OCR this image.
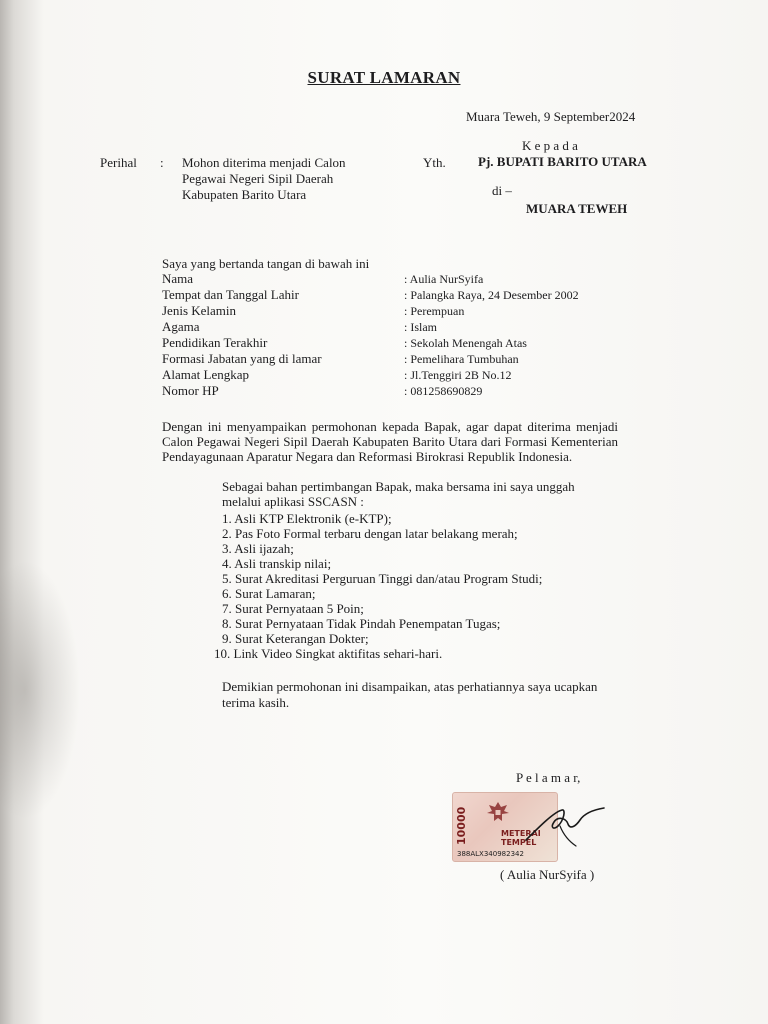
SURAT LAMARAN
Muara Teweh, 9 September2024
K e p a d a
Perihal : Mohon diterima menjadi Calon
Pegawai Negeri Sipil Daerah
Kabupaten Barito Utara
Yth. Pj. BUPATI BARITO UTARA
di –
MUARA TEWEH
Saya yang bertanda tangan di bawah ini
Nama
Tempat dan Tanggal Lahir
Jenis Kelamin
Agama
Pendidikan Terakhir
Formasi Jabatan yang di lamar
Alamat Lengkap
Nomor HP
: Aulia NurSyifa
: Palangka Raya, 24 Desember 2002
: Perempuan
: Islam
: Sekolah Menengah Atas
: Pemelihara Tumbuhan
: Jl.Tenggiri 2B No.12
: 081258690829
Dengan ini menyampaikan permohonan kepada Bapak, agar dapat diterima menjadi Calon Pegawai Negeri Sipil Daerah Kabupaten Barito Utara dari Formasi Kementerian Pendayagunaan Aparatur Negara dan Reformasi Birokrasi Republik Indonesia.
Sebagai bahan pertimbangan Bapak, maka bersama ini saya unggah
melalui aplikasi SSCASN :
1. Asli KTP Elektronik (e-KTP);
2. Pas Foto Formal terbaru dengan latar belakang merah;
3. Asli ijazah;
4. Asli transkip nilai;
5. Surat Akreditasi Perguruan Tinggi dan/atau Program Studi;
6. Surat Lamaran;
7. Surat Pernyataan 5 Poin;
8. Surat Pernyataan Tidak Pindah Penempatan Tugas;
9. Surat Keterangan Dokter;
10. Link Video Singkat aktifitas sehari-hari.
Demikian permohonan ini disampaikan, atas perhatiannya saya ucapkan
terima kasih.
P e l a m a r,
10000	METERAI
TEMPEL
388ALX340982342
( Aulia NurSyifa )
